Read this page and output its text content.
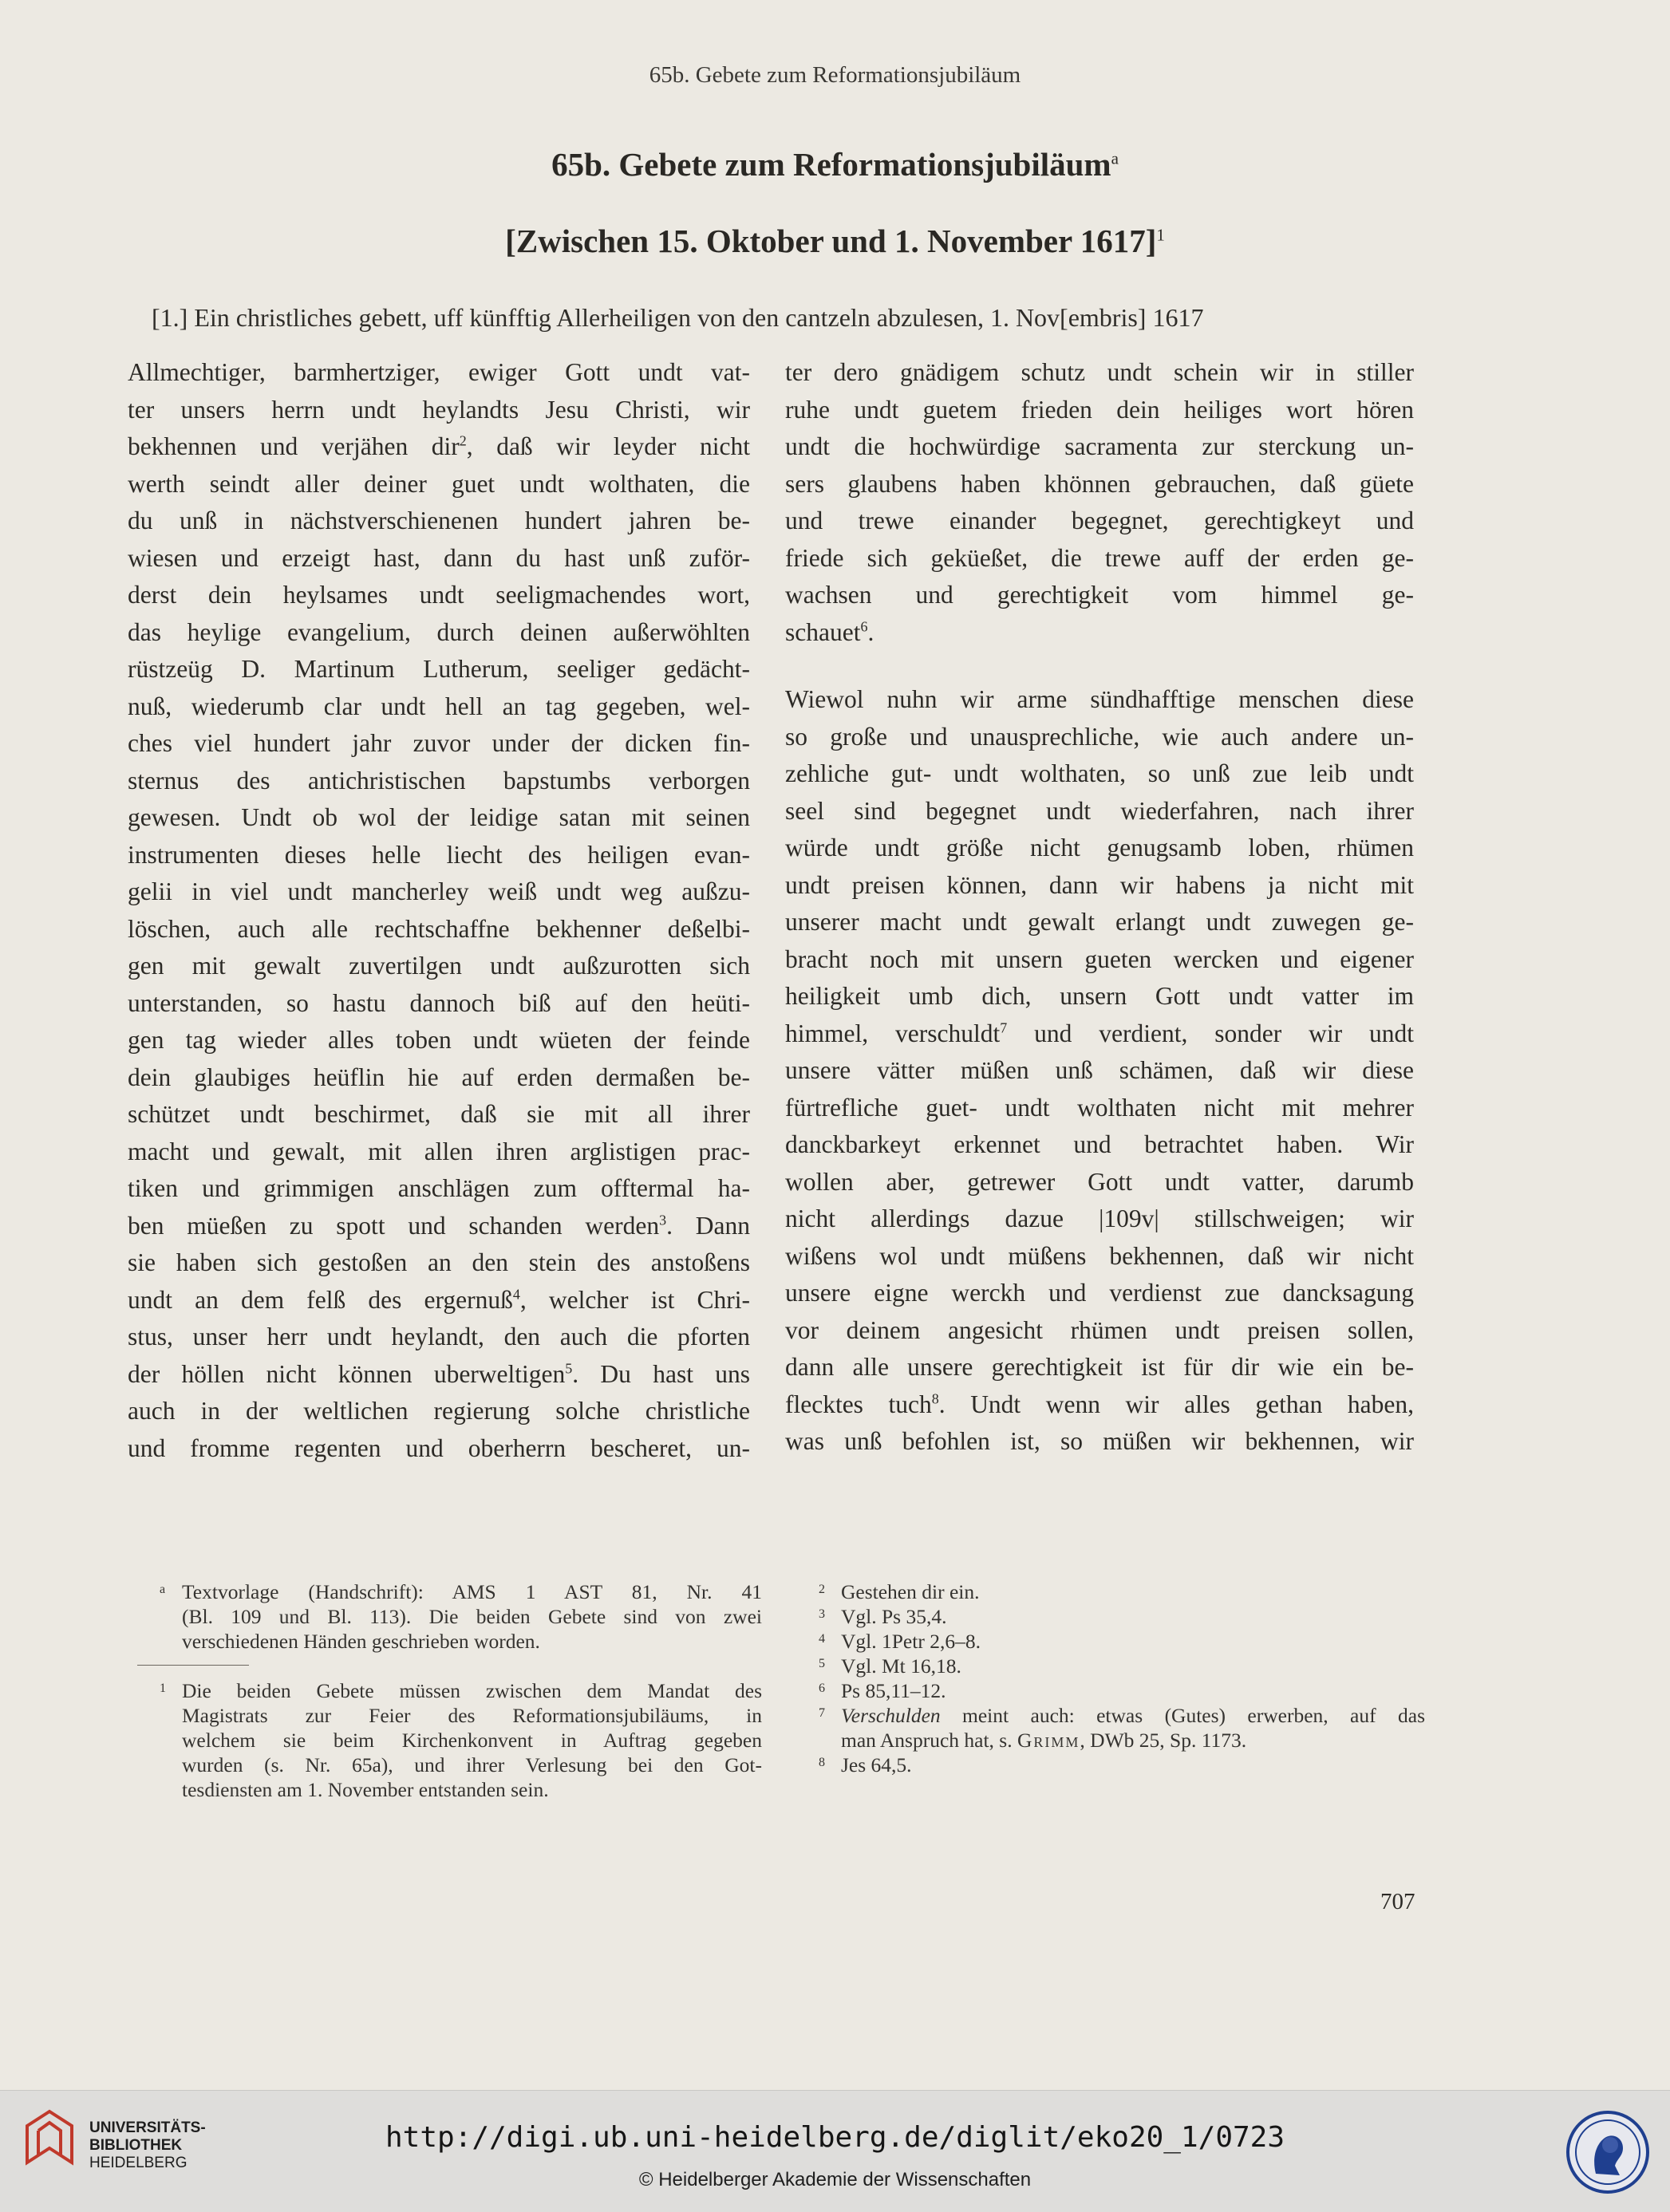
65b. Gebete zum Reformationsjubiläum
65b. Gebete zum Reformationsjubiläum$^a$
[Zwischen 15. Oktober und 1. November 1617]$^1$
[1.] Ein christliches gebett, uff künfftig Allerheiligen von den cantzeln abzulesen, 1. Nov[embris] 1617
Allmechtiger, barmhertziger, ewiger Gott undt vat-
ter unsers herrn undt heylandts Jesu Christi, wir
bekhennen und verjähen dir$^2$, daß wir leyder nicht
werth seindt aller deiner guet undt wolthaten, die
du unß in nächstverschienenen hundert jahren be-
wiesen und erzeigt hast, dann du hast unß zuför-
derst dein heylsames undt seeligmachendes wort,
das heylige evangelium, durch deinen außerwöhlten
rüstzeüg D. Martinum Lutherum, seeliger gedächt-
nuß, wiederumb clar undt hell an tag gegeben, wel-
ches viel hundert jahr zuvor under der dicken fin-
sternus des antichristischen bapstumbs verborgen
gewesen. Undt ob wol der leidige satan mit seinen
instrumenten dieses helle liecht des heiligen evan-
gelii in viel undt mancherley weiß undt weg außzu-
löschen, auch alle rechtschaffne bekhenner deßelbi-
gen mit gewalt zuvertilgen undt außzurotten sich
unterstanden, so hastu dannoch biß auf den heüti-
gen tag wieder alles toben undt wüeten der feinde
dein glaubiges heüflin hie auf erden dermaßen be-
schützet undt beschirmet, daß sie mit all ihrer
macht und gewalt, mit allen ihren arglistigen prac-
tiken und grimmigen anschlägen zum offtermal ha-
ben müeßen zu spott und schanden werden$^3$. Dann
sie haben sich gestoßen an den stein des anstoßens
undt an dem felß des ergernuß$^4$, welcher ist Chri-
stus, unser herr undt heylandt, den auch die pforten
der höllen nicht können uberweltigen$^5$. Du hast uns
auch in der weltlichen regierung solche christliche
und fromme regenten und oberherrn bescheret, un-
ter dero gnädigem schutz undt schein wir in stiller
ruhe undt guetem frieden dein heiliges wort hören
undt die hochwürdige sacramenta zur sterckung un-
sers glaubens haben khönnen gebrauchen, daß güete
und trewe einander begegnet, gerechtigkeyt und
friede sich geküeßet, die trewe auff der erden ge-
wachsen und gerechtigkeit vom himmel ge-
schauet$^6$.
Wiewol nuhn wir arme sündhafftige menschen diese
so große und unausprechliche, wie auch andere un-
zehliche gut- undt wolthaten, so unß zue leib undt
seel sind begegnet undt wiederfahren, nach ihrer
würde undt größe nicht genugsamb loben, rhümen
undt preisen können, dann wir habens ja nicht mit
unserer macht undt gewalt erlangt undt zuwegen ge-
bracht noch mit unsern gueten wercken und eigener
heiligkeit umb dich, unsern Gott undt vatter im
himmel, verschuldt$^7$ und verdient, sonder wir undt
unsere vätter müßen unß schämen, daß wir diese
fürtrefliche guet- undt wolthaten nicht mit mehrer
danckbarkeyt erkennet und betrachtet haben. Wir
wollen aber, getrewer Gott undt vatter, darumb
nicht allerdings dazue |109v| stillschweigen; wir
wißens wol undt müßens bekhennen, daß wir nicht
unsere eigne werckh und verdienst zue dancksagung
vor deinem angesicht rhümen undt preisen sollen,
dann alle unsere gerechtigkeit ist für dir wie ein be-
flecktes tuch$^8$. Undt wenn wir alles gethan haben,
was unß befohlen ist, so müßen wir bekhennen, wir
a Textvorlage (Handschrift): AMS 1 AST 81, Nr. 41
(Bl. 109 und Bl. 113). Die beiden Gebete sind von zwei
verschiedenen Händen geschrieben worden.
1 Die beiden Gebete müssen zwischen dem Mandat des
Magistrats zur Feier des Reformationsjubiläums, in
welchem sie beim Kirchenkonvent in Auftrag gegeben
wurden (s. Nr. 65a), und ihrer Verlesung bei den Got-
tesdiensten am 1. November entstanden sein.
2 Gestehen dir ein.
3 Vgl. Ps 35,4.
4 Vgl. 1Petr 2,6–8.
5 Vgl. Mt 16,18.
6 Ps 85,11–12.
7 Verschulden meint auch: etwas (Gutes) erwerben, auf das
man Anspruch hat, s. Grimm, DWb 25, Sp. 1173.
8 Jes 64,5.
707
UNIVERSITÄTS-
BIBLIOTHEK
HEIDELBERG
http://digi.ub.uni-heidelberg.de/diglit/eko20_1/0723
© Heidelberger Akademie der Wissenschaften
